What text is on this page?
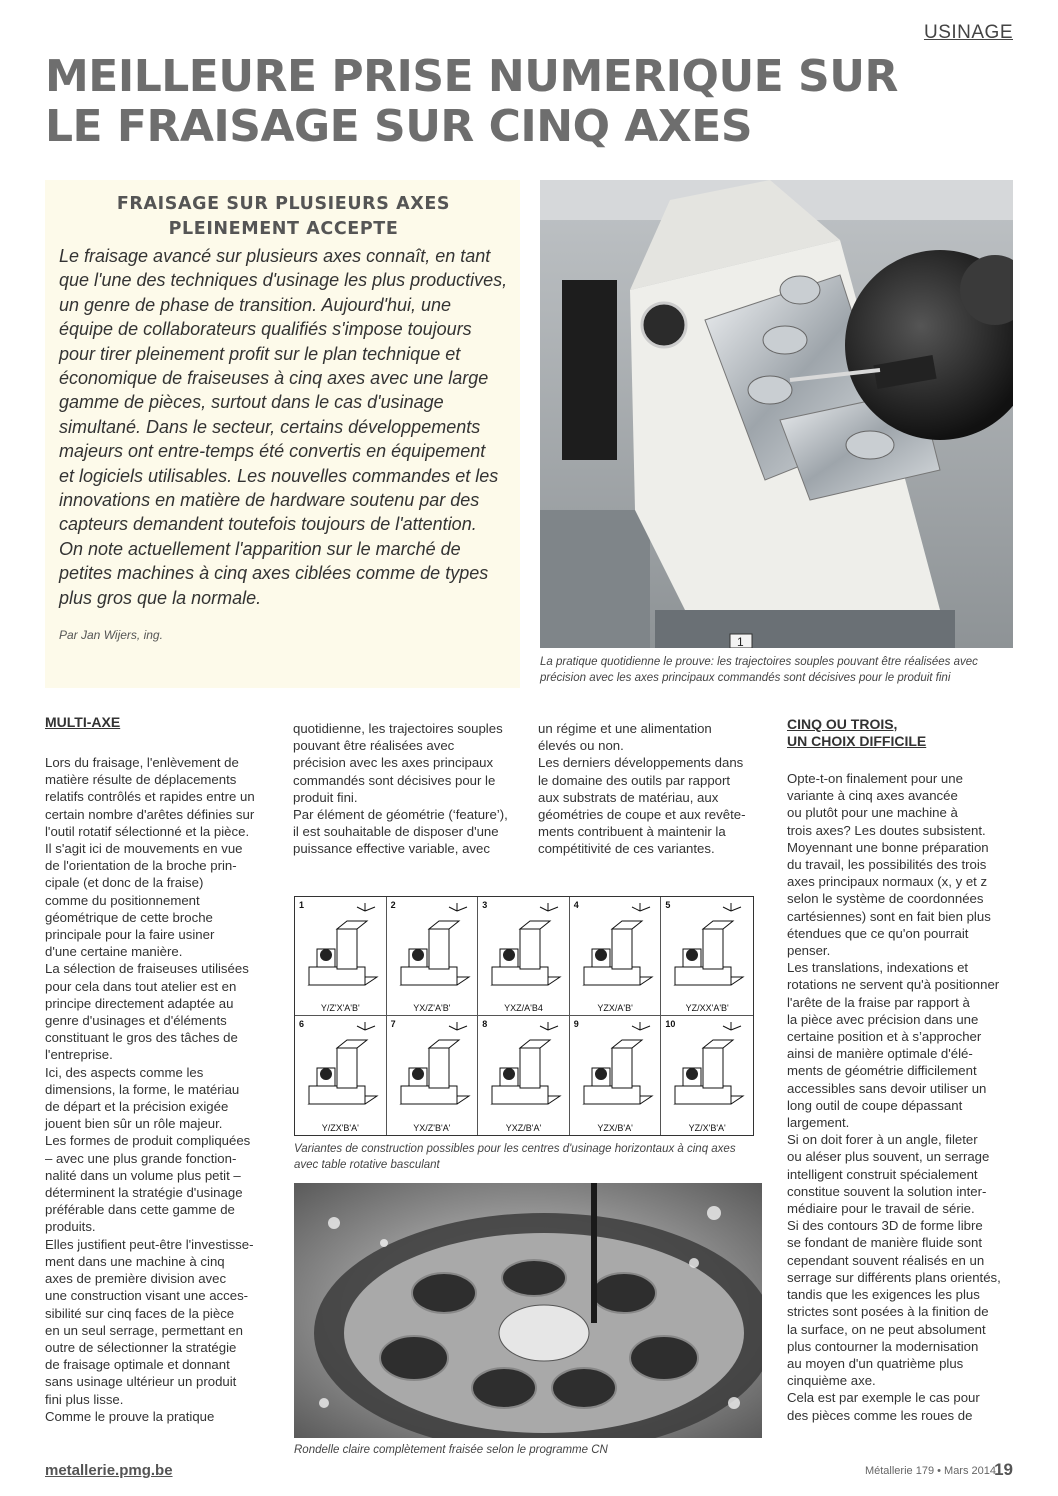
USINAGE
MEILLEURE PRISE NUMERIQUE SUR LE FRAISAGE SUR CINQ AXES
FRAISAGE SUR PLUSIEURS AXES
PLEINEMENT ACCEPTE

Le fraisage avancé sur plusieurs axes connaît, en tant
que l'une des techniques d'usinage les plus productives,
un genre de phase de transition. Aujourd'hui, une
équipe de collaborateurs qualifiés s'impose toujours
pour tirer pleinement profit sur le plan technique et
économique de fraiseuses à cinq axes avec une large
gamme de pièces, surtout dans le cas d'usinage
simultané. Dans le secteur, certains développements
majeurs ont entre-temps été convertis en équipement
et logiciels utilisables. Les nouvelles commandes et les
innovations en matière de hardware soutenu par des
capteurs demandent toutefois toujours de l'attention.
On note actuellement l'apparition sur le marché de
petites machines à cinq axes ciblées comme de types
plus gros que la normale.

Par Jan Wijers, ing.	1
La pratique quotidienne le prouve: les trajectoires souples pouvant être réalisées avec
précision avec les axes principaux commandés sont décisives pour le produit fini
MULTI-AXE
Lors du fraisage, l'enlèvement de
matière résulte de déplacements
relatifs contrôlés et rapides entre un
certain nombre d'arêtes définies sur
l'outil rotatif sélectionné et la pièce.
Il s'agit ici de mouvements en vue
de l'orientation de la broche prin-
cipale (et donc de la fraise)
comme du positionnement
géométrique de cette broche
principale pour la faire usiner
d'une certaine manière.
La sélection de fraiseuses utilisées
pour cela dans tout atelier est en
principe directement adaptée au
genre d'usinages et d'éléments
constituant le gros des tâches de
l'entreprise.
Ici, des aspects comme les
dimensions, la forme, le matériau
de départ et la précision exigée
jouent bien sûr un rôle majeur.
Les formes de produit compliquées
– avec une plus grande fonction-
nalité dans un volume plus petit –
déterminent la stratégie d'usinage
préférable dans cette gamme de
produits.
Elles justifient peut-être l'investisse-
ment dans une machine à cinq
axes de première division avec
une construction visant une acces-
sibilité sur cinq faces de la pièce
en un seul serrage, permettant en
outre de sélectionner la stratégie
de fraisage optimale et donnant
sans usinage ultérieur un produit
fini plus lisse.
Comme le prouve la pratique
quotidienne, les trajectoires souples
pouvant être réalisées avec
précision avec les axes principaux
commandés sont décisives pour le
produit fini.
Par élément de géométrie (‘feature’),
il est souhaitable de disposer d'une
puissance effective variable, avec
un régime et une alimentation
élevés ou non.
Les derniers développements dans
le domaine des outils par rapport
aux substrats de matériau, aux
géométries de coupe et aux revête-
ments contribuent à maintenir la
compétitivité de ces variantes.
CINQ OU TROIS,
UN CHOIX DIFFICILE
Opte-t-on finalement pour une
variante à cinq axes avancée
ou plutôt pour une machine à
trois axes? Les doutes subsistent.
Moyennant une bonne préparation
du travail, les possibilités des trois
axes principaux normaux (x, y et z
selon le système de coordonnées
cartésiennes) sont en fait bien plus
étendues que ce qu'on pourrait
penser.
Les translations, indexations et
rotations ne servent qu'à positionner
l'arête de la fraise par rapport à
la pièce avec précision dans une
certaine position et à s’approcher
ainsi de manière optimale d'élé-
ments de géométrie difficilement
accessibles sans devoir utiliser un
long outil de coupe dépassant
largement.
Si on doit forer à un angle, fileter
ou aléser plus souvent, un serrage
intelligent construit spécialement
constitue souvent la solution inter-
médiaire pour le travail de série.
Si des contours 3D de forme libre
se fondant de manière fluide sont
cependant souvent réalisés en un
serrage sur différents plans orientés,
tandis que les exigences les plus
strictes sont posées à la finition de
la surface, on ne peut absolument
plus contourner la modernisation
au moyen d'un quatrième plus
cinquième axe.
Cela est par exemple le cas pour
des pièces comme les roues de
1
Y/Z'X'A'B'
2
YX/Z'A'B'
3
YXZ/A'B4
4
YZX/A'B'
5
YZ/XX'A'B'
6
Y/ZX'B'A'
7
YX/Z'B'A'
8
YXZ/B'A'
9
YZX/B'A'
10
YZ/X'B'A'
Variantes de construction possibles pour les centres d'usinage horizontaux à cinq axes
avec table rotative basculant
Rondelle claire complètement fraisée selon le programme CN
metallerie.pmg.be	Métallerie 179 • Mars 2014
19
